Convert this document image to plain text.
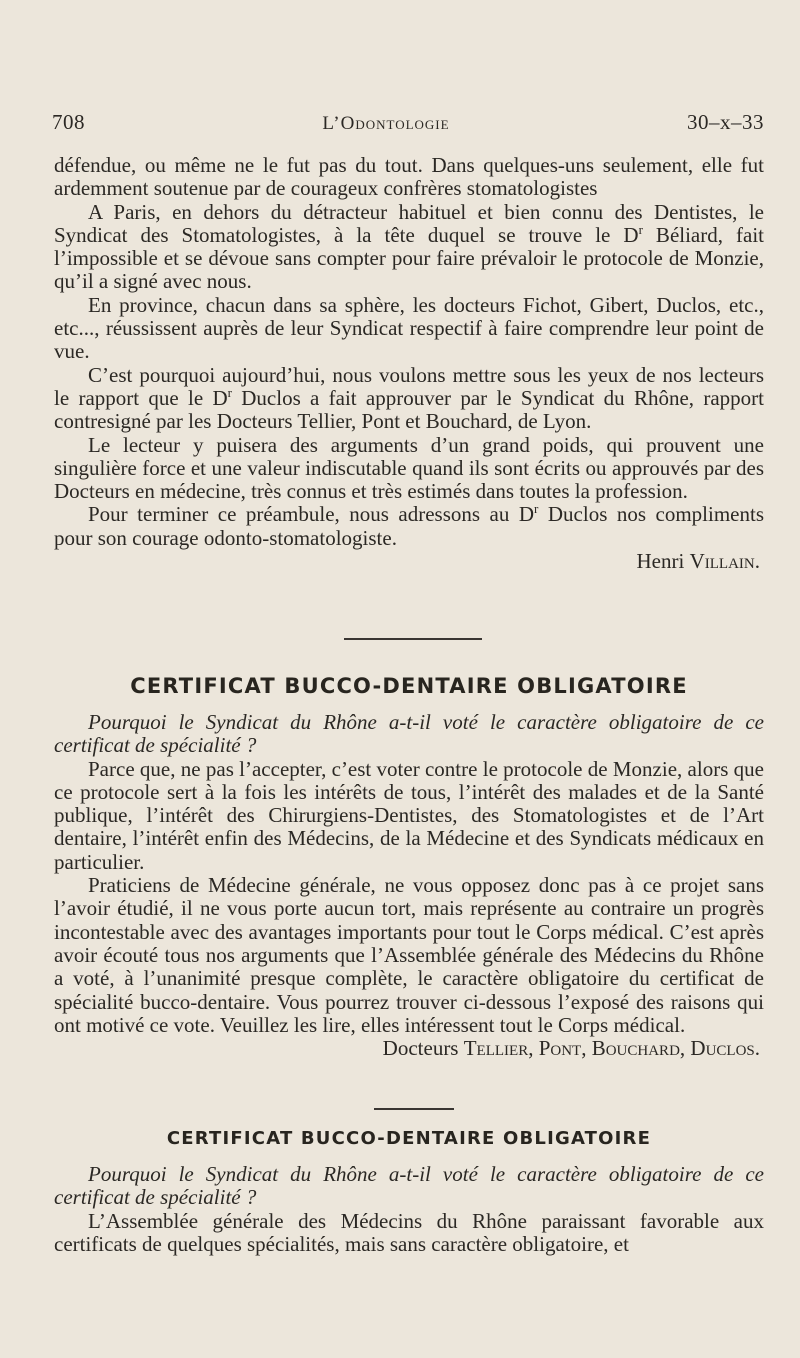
708	L’Odontologie	30–x–33

défendue, ou même ne le fut pas du tout. Dans quelques-uns seulement, elle fut ardemment soutenue par de courageux confrères stomatologistes

A Paris, en dehors du détracteur habituel et bien connu des Dentistes, le Syndicat des Stomatologistes, à la tête duquel se trouve le $D^r$ Béliard, fait l’impossible et se dévoue sans compter pour faire prévaloir le protocole de Monzie, qu’il a signé avec nous.

En province, chacun dans sa sphère, les docteurs Fichot, Gibert, Duclos, etc., etc..., réussissent auprès de leur Syndicat respectif à faire comprendre leur point de vue.

C’est pourquoi aujourd’hui, nous voulons mettre sous les yeux de nos lecteurs le rapport que le $D^r$ Duclos a fait approuver par le Syndicat du Rhône, rapport contresigné par les Docteurs Tellier, Pont et Bouchard, de Lyon.

Le lecteur y puisera des arguments d’un grand poids, qui prouvent une singulière force et une valeur indiscutable quand ils sont écrits ou approuvés par des Docteurs en médecine, très connus et très estimés dans toutes la profession.

Pour terminer ce préambule, nous adressons au $D^r$ Duclos nos compliments pour son courage odonto-stomatologiste.

Henri Villain.

CERTIFICAT BUCCO-DENTAIRE OBLIGATOIRE

Pourquoi le Syndicat du Rhône a-t-il voté le caractère obligatoire de ce certificat de spécialité ?

Parce que, ne pas l’accepter, c’est voter contre le protocole de Monzie, alors que ce protocole sert à la fois les intérêts de tous, l’intérêt des malades et de la Santé publique, l’intérêt des Chirurgiens-Dentistes, des Stomatologistes et de l’Art dentaire, l’intérêt enfin des Médecins, de la Médecine et des Syndicats médicaux en particulier.

Praticiens de Médecine générale, ne vous opposez donc pas à ce projet sans l’avoir étudié, il ne vous porte aucun tort, mais représente au contraire un progrès incontestable avec des avantages importants pour tout le Corps médical. C’est après avoir écouté tous nos arguments que l’Assemblée générale des Médecins du Rhône a voté, à l’unanimité presque complète, le caractère obligatoire du certificat de spécialité bucco-dentaire. Vous pourrez trouver ci-dessous l’exposé des raisons qui ont motivé ce vote. Veuillez les lire, elles intéressent tout le Corps médical.

Docteurs Tellier, Pont, Bouchard, Duclos.

CERTIFICAT BUCCO-DENTAIRE OBLIGATOIRE

Pourquoi le Syndicat du Rhône a-t-il voté le caractère obligatoire de ce certificat de spécialité ?

L’Assemblée générale des Médecins du Rhône paraissant favorable aux certificats de quelques spécialités, mais sans caractère obligatoire, et
